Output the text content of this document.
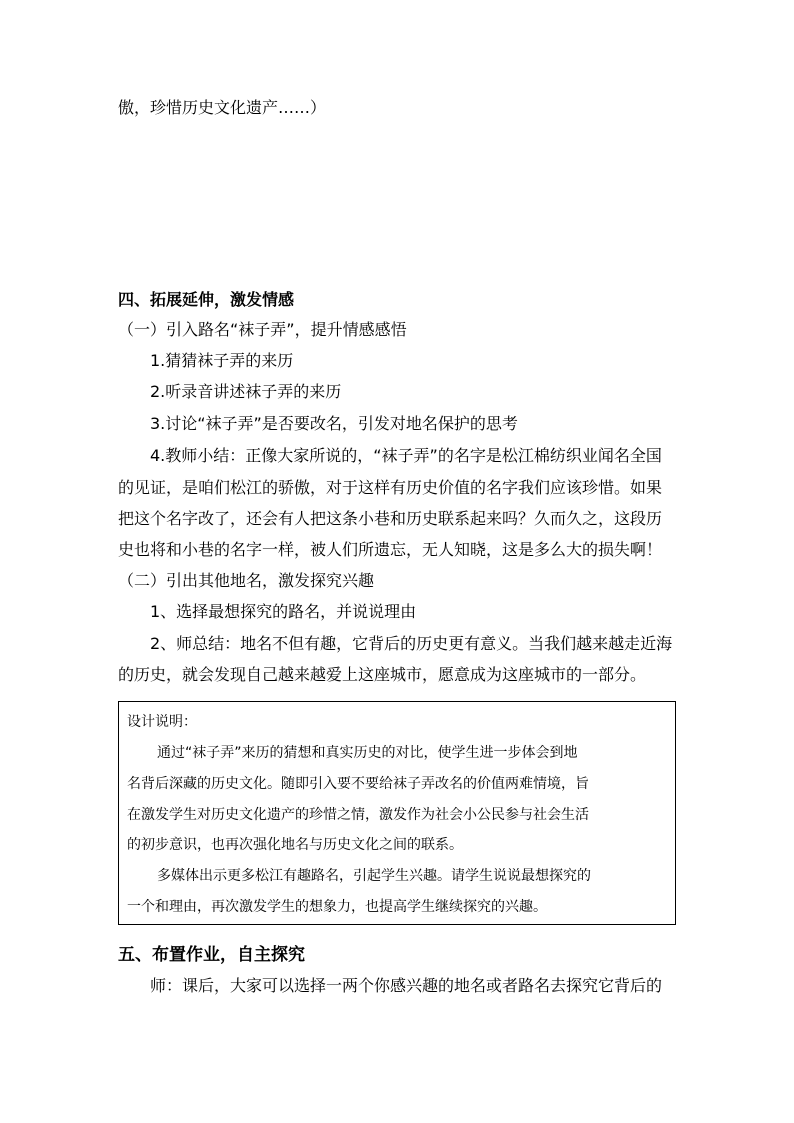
傲，珍惜历史文化遗产……）
四、拓展延伸，激发情感
（一）引入路名“袜子弄”，提升情感感悟
1.猜猜袜子弄的来历
2.听录音讲述袜子弄的来历
3.讨论“袜子弄”是否要改名，引发对地名保护的思考
4.教师小结：正像大家所说的，“袜子弄”的名字是松江棉纺织业闻名全国
的见证，是咱们松江的骄傲，对于这样有历史价值的名字我们应该珍惜。如果
把这个名字改了，还会有人把这条小巷和历史联系起来吗？久而久之，这段历
史也将和小巷的名字一样，被人们所遗忘，无人知晓，这是多么大的损失啊！
（二）引出其他地名，激发探究兴趣
1、选择最想探究的路名，并说说理由
2、师总结：地名不但有趣，它背后的历史更有意义。当我们越来越走近海
的历史，就会发现自己越来越爱上这座城市，愿意成为这座城市的一部分。
设计说明：
通过“袜子弄”来历的猜想和真实历史的对比，使学生进一步体会到地
名背后深藏的历史文化。随即引入要不要给袜子弄改名的价值两难情境，旨
在激发学生对历史文化遗产的珍惜之情，激发作为社会小公民参与社会生活
的初步意识，也再次强化地名与历史文化之间的联系。
多媒体出示更多松江有趣路名，引起学生兴趣。请学生说说最想探究的
一个和理由，再次激发学生的想象力，也提高学生继续探究的兴趣。
五、布置作业，自主探究
师：课后，大家可以选择一两个你感兴趣的地名或者路名去探究它背后的
